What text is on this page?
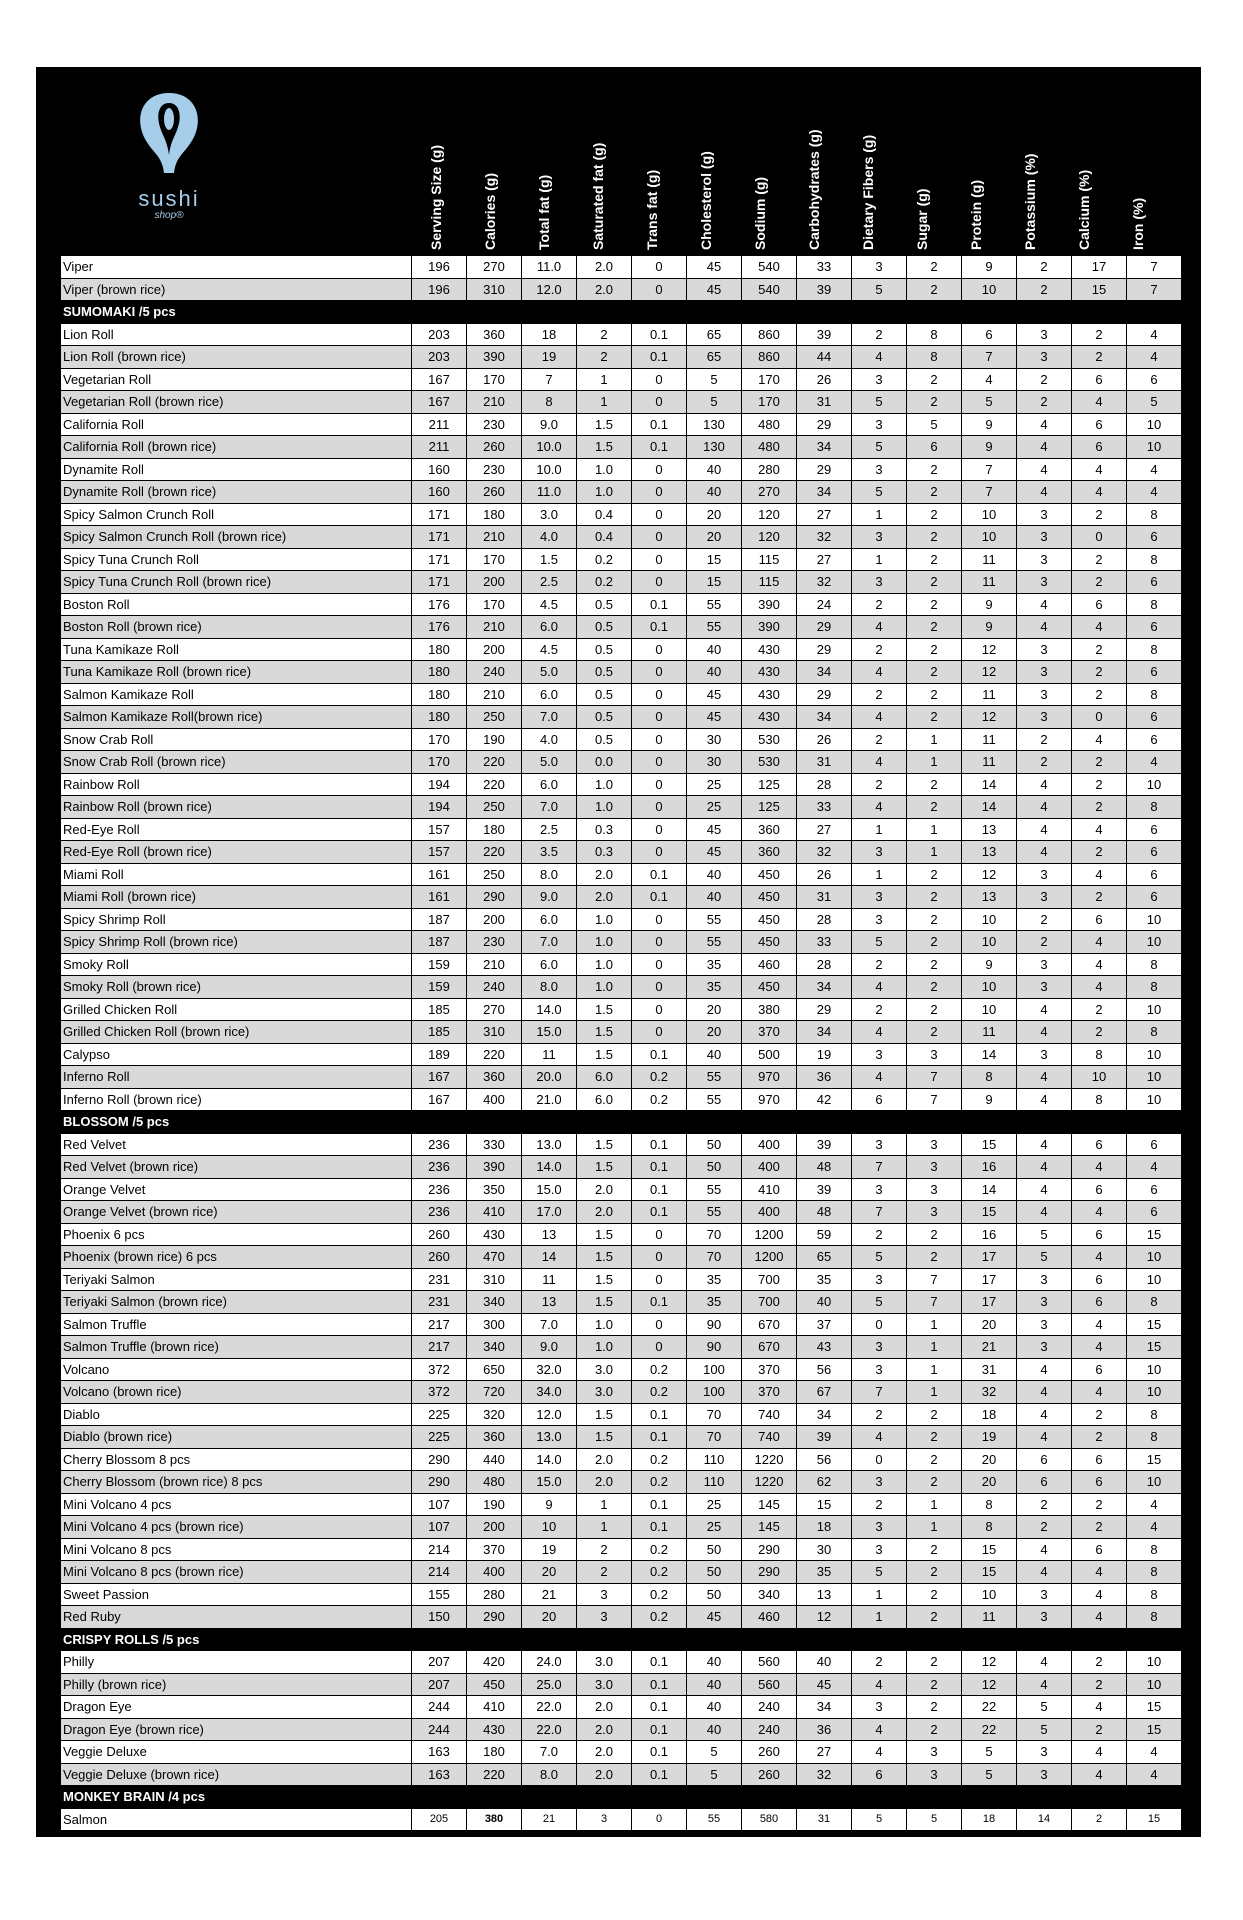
sushi
shop®	Serving Size (g)	Calories (g)	Total fat (g)	Saturated fat (g)	Trans fat (g)	Cholesterol (g)	Sodium (g)	Carbohydrates (g)	Dietary Fibers (g)	Sugar (g)	Protein (g)	Potassium (%)	Calcium (%)	Iron (%)
Viper	196	270	11.0	2.0	0	45	540	33	3	2	9	2	17	7
Viper (brown rice)	196	310	12.0	2.0	0	45	540	39	5	2	10	2	15	7
SUMOMAKI /5 pcs														
Lion Roll	203	360	18	2	0.1	65	860	39	2	8	6	3	2	4
Lion Roll (brown rice)	203	390	19	2	0.1	65	860	44	4	8	7	3	2	4
Vegetarian Roll	167	170	7	1	0	5	170	26	3	2	4	2	6	6
Vegetarian Roll (brown rice)	167	210	8	1	0	5	170	31	5	2	5	2	4	5
California Roll	211	230	9.0	1.5	0.1	130	480	29	3	5	9	4	6	10
California Roll (brown rice)	211	260	10.0	1.5	0.1	130	480	34	5	6	9	4	6	10
Dynamite Roll	160	230	10.0	1.0	0	40	280	29	3	2	7	4	4	4
Dynamite Roll (brown rice)	160	260	11.0	1.0	0	40	270	34	5	2	7	4	4	4
Spicy Salmon Crunch Roll	171	180	3.0	0.4	0	20	120	27	1	2	10	3	2	8
Spicy Salmon Crunch Roll (brown rice)	171	210	4.0	0.4	0	20	120	32	3	2	10	3	0	6
Spicy Tuna Crunch Roll	171	170	1.5	0.2	0	15	115	27	1	2	11	3	2	8
Spicy Tuna Crunch Roll (brown rice)	171	200	2.5	0.2	0	15	115	32	3	2	11	3	2	6
Boston Roll	176	170	4.5	0.5	0.1	55	390	24	2	2	9	4	6	8
Boston Roll (brown rice)	176	210	6.0	0.5	0.1	55	390	29	4	2	9	4	4	6
Tuna Kamikaze Roll	180	200	4.5	0.5	0	40	430	29	2	2	12	3	2	8
Tuna Kamikaze Roll (brown rice)	180	240	5.0	0.5	0	40	430	34	4	2	12	3	2	6
Salmon Kamikaze Roll	180	210	6.0	0.5	0	45	430	29	2	2	11	3	2	8
Salmon Kamikaze Roll(brown rice)	180	250	7.0	0.5	0	45	430	34	4	2	12	3	0	6
Snow Crab Roll	170	190	4.0	0.5	0	30	530	26	2	1	11	2	4	6
Snow Crab Roll (brown rice)	170	220	5.0	0.0	0	30	530	31	4	1	11	2	2	4
Rainbow Roll	194	220	6.0	1.0	0	25	125	28	2	2	14	4	2	10
Rainbow Roll (brown rice)	194	250	7.0	1.0	0	25	125	33	4	2	14	4	2	8
Red-Eye Roll	157	180	2.5	0.3	0	45	360	27	1	1	13	4	4	6
Red-Eye Roll (brown rice)	157	220	3.5	0.3	0	45	360	32	3	1	13	4	2	6
Miami Roll	161	250	8.0	2.0	0.1	40	450	26	1	2	12	3	4	6
Miami Roll (brown rice)	161	290	9.0	2.0	0.1	40	450	31	3	2	13	3	2	6
Spicy Shrimp Roll	187	200	6.0	1.0	0	55	450	28	3	2	10	2	6	10
Spicy Shrimp Roll (brown rice)	187	230	7.0	1.0	0	55	450	33	5	2	10	2	4	10
Smoky Roll	159	210	6.0	1.0	0	35	460	28	2	2	9	3	4	8
Smoky Roll (brown rice)	159	240	8.0	1.0	0	35	450	34	4	2	10	3	4	8
Grilled Chicken Roll	185	270	14.0	1.5	0	20	380	29	2	2	10	4	2	10
Grilled Chicken Roll (brown rice)	185	310	15.0	1.5	0	20	370	34	4	2	11	4	2	8
Calypso	189	220	11	1.5	0.1	40	500	19	3	3	14	3	8	10
Inferno Roll	167	360	20.0	6.0	0.2	55	970	36	4	7	8	4	10	10
Inferno Roll (brown rice)	167	400	21.0	6.0	0.2	55	970	42	6	7	9	4	8	10
BLOSSOM /5 pcs														
Red Velvet	236	330	13.0	1.5	0.1	50	400	39	3	3	15	4	6	6
Red Velvet (brown rice)	236	390	14.0	1.5	0.1	50	400	48	7	3	16	4	4	4
Orange Velvet	236	350	15.0	2.0	0.1	55	410	39	3	3	14	4	6	6
Orange Velvet (brown rice)	236	410	17.0	2.0	0.1	55	400	48	7	3	15	4	4	6
Phoenix 6 pcs	260	430	13	1.5	0	70	1200	59	2	2	16	5	6	15
Phoenix (brown rice) 6 pcs	260	470	14	1.5	0	70	1200	65	5	2	17	5	4	10
Teriyaki Salmon	231	310	11	1.5	0	35	700	35	3	7	17	3	6	10
Teriyaki Salmon (brown rice)	231	340	13	1.5	0.1	35	700	40	5	7	17	3	6	8
Salmon Truffle	217	300	7.0	1.0	0	90	670	37	0	1	20	3	4	15
Salmon Truffle (brown rice)	217	340	9.0	1.0	0	90	670	43	3	1	21	3	4	15
Volcano	372	650	32.0	3.0	0.2	100	370	56	3	1	31	4	6	10
Volcano (brown rice)	372	720	34.0	3.0	0.2	100	370	67	7	1	32	4	4	10
Diablo	225	320	12.0	1.5	0.1	70	740	34	2	2	18	4	2	8
Diablo (brown rice)	225	360	13.0	1.5	0.1	70	740	39	4	2	19	4	2	8
Cherry Blossom 8 pcs	290	440	14.0	2.0	0.2	110	1220	56	0	2	20	6	6	15
Cherry Blossom (brown rice) 8 pcs	290	480	15.0	2.0	0.2	110	1220	62	3	2	20	6	6	10
Mini Volcano 4 pcs	107	190	9	1	0.1	25	145	15	2	1	8	2	2	4
Mini Volcano 4 pcs (brown rice)	107	200	10	1	0.1	25	145	18	3	1	8	2	2	4
Mini Volcano 8 pcs	214	370	19	2	0.2	50	290	30	3	2	15	4	6	8
Mini Volcano 8 pcs (brown rice)	214	400	20	2	0.2	50	290	35	5	2	15	4	4	8
Sweet Passion	155	280	21	3	0.2	50	340	13	1	2	10	3	4	8
Red Ruby	150	290	20	3	0.2	45	460	12	1	2	11	3	4	8
CRISPY ROLLS /5 pcs														
Philly	207	420	24.0	3.0	0.1	40	560	40	2	2	12	4	2	10
Philly (brown rice)	207	450	25.0	3.0	0.1	40	560	45	4	2	12	4	2	10
Dragon Eye	244	410	22.0	2.0	0.1	40	240	34	3	2	22	5	4	15
Dragon Eye (brown rice)	244	430	22.0	2.0	0.1	40	240	36	4	2	22	5	2	15
Veggie Deluxe	163	180	7.0	2.0	0.1	5	260	27	4	3	5	3	4	4
Veggie Deluxe (brown rice)	163	220	8.0	2.0	0.1	5	260	32	6	3	5	3	4	4
MONKEY BRAIN /4 pcs														
Salmon	205	380	21	3	0	55	580	31	5	5	18	14	2	15
